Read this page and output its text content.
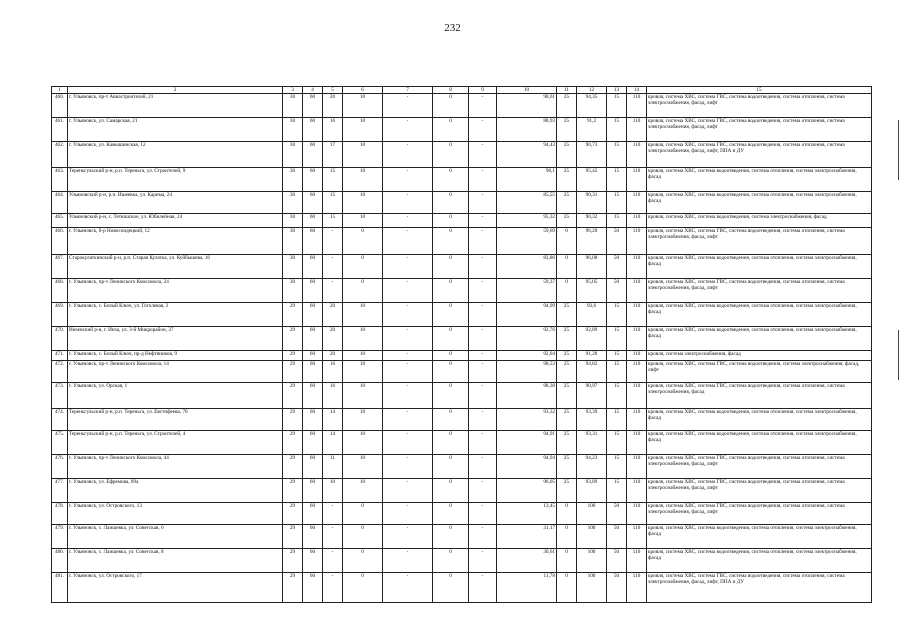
232
1	2	3	4	5	6	7	8	9	10	11	12	13	14	15
460.	г. Ульяновск, пр-т Авиастроителей, 21	30	60	20	10	-	0	-	98,61	25	94,35	15	110	кровля, система ХВС, система ГВС, система водоотведения, система отопления, система электроснабжения, фасад, лифт
461.	г. Ульяновск, ул. Самарская, 21	30	60	16	10	-	0	-	88,93	25	91,2	15	110	кровля, система ХВС, система ГВС, система водоотведения, система отопления, система электроснабжения, фасад, лифт
462.	г. Ульяновск, ул. Камышинская, 12	30	60	17	10	-	0	-	94,43	25	90,73	15	110	кровля, система ХВС, система ГВС, система водоотведения, система отопления, система электроснабжения, фасад, лифт, ППА и ДУ
463.	Тереньгульский р-н, р.п. Тереньга, ул. Строителей, 9	30	60	15	10	-	0	-	96,1	25	95,42	15	110	кровля, система ХВС, система водоотведения, система отопления, система электроснабжения, фасад
464.	Ульяновский р-н, р.п. Ишеевка, ул. Карима, 24	30	60	15	10	-	0	-	85,55	25	90,31	15	110	кровля, система ХВС, система водоотведения, система отопления, система электроснабжения, фасад
465.	Ульяновский р-н, с. Тетюшское, ул. Юбилейная, 24	30	60	15	10	-	0	-	95,32	25	90,32	15	110	кровля, система ХВС, система водоотведения, система электроснабжения, фасад
466.	г. Ульяновск, б-р Новосондецкий, 12	30	60	-	0	-	0	-	59,69	0	96,28	50	110	кровля, система ХВС, система ГВС, система водоотведения, система отопления, система электроснабжения, фасад, лифт
467.	Старокулаткинский р-н, р.п. Старая Кулатка, ул. Куйбышева, 16	30	60	-	0	-	0	-	83,86	0	96,08	50	110	кровля, система ХВС, система водоотведения, система отопления, система электроснабжения, фасад
468.	г. Ульяновск, пр-т Ленинского Комсомола, 24	30	60	-	0	-	0	-	59,37	0	95,05	50	110	кровля, система ХВС, система ГВС, система водоотведения, система отопления, система электроснабжения, фасад, лифт
469.	г. Ульяновск, с. Белый Ключ, ул. Гоголевая, 2	29	60	20	10	-	0	-	94,99	25	93,6	15	110	кровля, система ХВС, система водоотведения, система отопления, система электроснабжения, фасад
470.	Инзенский р-н, г. Инза, ул. 3-й Микрорайон, 37	29	60	20	10	-	0	-	92,76	25	92,89	15	110	кровля, система ХВС, система водоотведения, система отопления, система электроснабжения, фасад
471.	г. Ульяновск, с. Белый Ключ, пр-д Нефтяников, 9	29	60	20	10	-	0	-	92,04	25	91,28	15	110	кровля, система электроснабжения, фасад
472.	г. Ульяновск, пр-т Ленинского Комсомола, 14	29	60	16	10	-	0	-	98,53	25	94,82	15	110	кровля, система ХВС, система ГВС, система водоотведения, система электроснабжения, фасад, лифт
473.	г. Ульяновск, ул. Орская, 1	29	60	16	10	-	0	-	98,38	25	90,97	15	110	кровля, система ХВС, система ГВС, система водоотведения, система отопления, система электроснабжения, фасад
474.	Тереньгульский р-н, р.п. Тереньга, ул. Евстифеева, 70	29	60	14	10	-	0	-	93,32	25	93,39	15	110	кровля, система ХВС, система водоотведения, система отопления, система электроснабжения, фасад
475.	Тереньгульский р-н, р.п. Тереньга, ул. Строителей, 4	29	60	14	10	-	0	-	94,91	25	93,31	15	110	кровля, система ХВС, система водоотведения, система отопления, система электроснабжения, фасад
476.	г. Ульяновск, пр-т Ленинского Комсомола, 44	29	60	11	10	-	0	-	94,94	25	94,23	15	110	кровля, система ХВС, система ГВС, система водоотведения, система отопления, система электроснабжения, фасад, лифт
477.	г. Ульяновск, ул. Ефремова, 89а	29	60	10	10	-	0	-	96,05	25	93,89	15	110	кровля, система ХВС, система ГВС, система водоотведения, система отопления, система электроснабжения, фасад, лифт
478.	г. Ульяновск, ул. Островского, 13	29	60	-	0	-	0	-	13,45	0	100	50	110	кровля, система ХВС, система ГВС, система водоотведения, система отопления, система электроснабжения, фасад, лифт
479.	г. Ульяновск, с. Лаишевка, ул. Советская, 6	29	60	-	0	-	0	-	31,17	0	100	50	110	кровля, система ХВС, система водоотведения, система отопления, система электроснабжения, фасад
480.	г. Ульяновск, с. Лаишевка, ул. Советская, 8	29	60	-	0	-	0	-	30,61	0	100	50	110	кровля, система ХВС, система водоотведения, система отопления, система электроснабжения, фасад
481.	г. Ульяновск, ул. Островского, 17	29	60	-	0	-	0	-	11,78	0	100	50	110	кровля, система ХВС, система ГВС, система водоотведения, система отопления, система электроснабжения, фасад, лифт, ППА и ДУ
